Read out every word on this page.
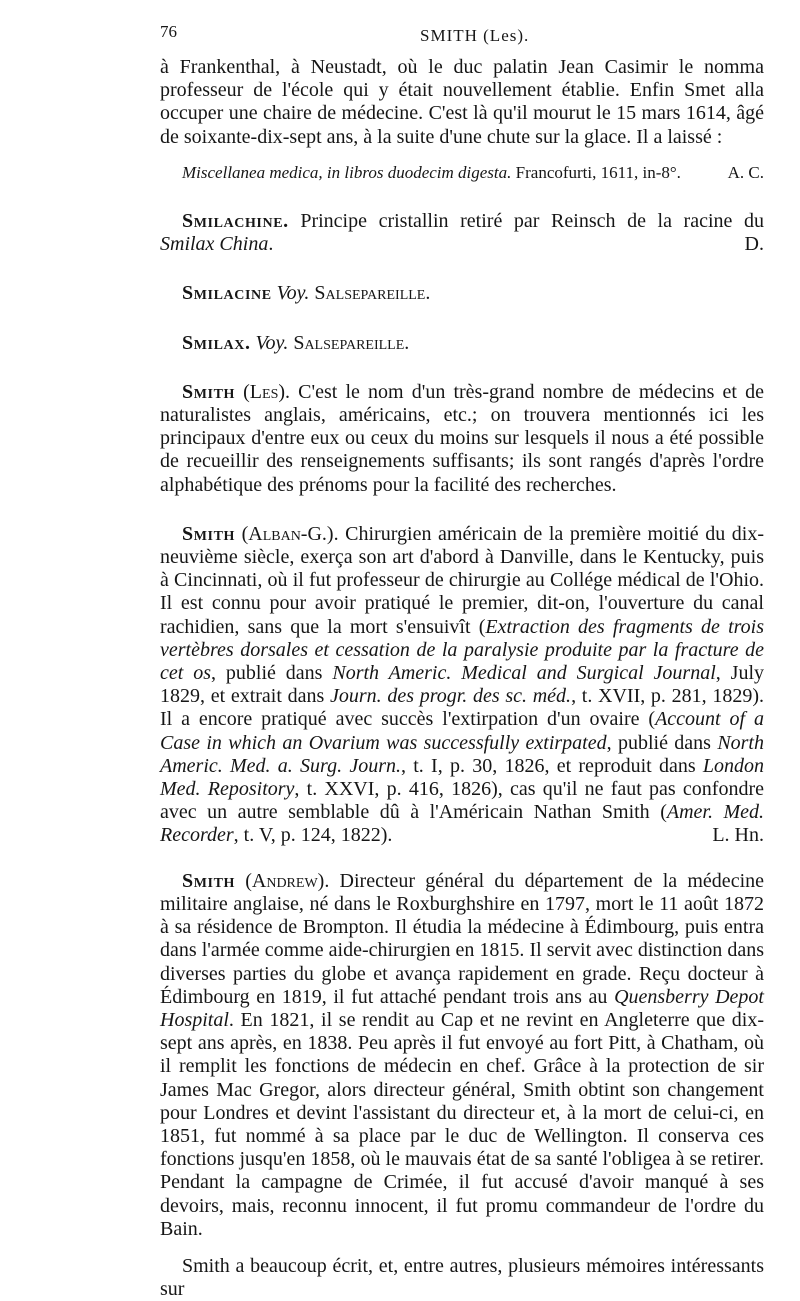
76	SMITH (Les).

à Frankenthal, à Neustadt, où le duc palatin Jean Casimir le nomma professeur de l'école qui y était nouvellement établie. Enfin Smet alla occuper une chaire de médecine. C'est là qu'il mourut le 15 mars 1614, âgé de soixante-dix-sept ans, à la suite d'une chute sur la glace. Il a laissé :

Miscellanea medica, in libros duodecim digesta. Francofurti, 1611, in-8°.	A. C.

Smilachine. Principe cristallin retiré par Reinsch de la racine du Smilax China.	D.

Smilacine Voy. Salsepareille.

Smilax. Voy. Salsepareille.

Smith (Les). C'est le nom d'un très-grand nombre de médecins et de naturalistes anglais, américains, etc.; on trouvera mentionnés ici les principaux d'entre eux ou ceux du moins sur lesquels il nous a été possible de recueillir des renseignements suffisants; ils sont rangés d'après l'ordre alphabétique des prénoms pour la facilité des recherches.

Smith (Alban-G.). Chirurgien américain de la première moitié du dix-neuvième siècle, exerça son art d'abord à Danville, dans le Kentucky, puis à Cincinnati, où il fut professeur de chirurgie au Collége médical de l'Ohio. Il est connu pour avoir pratiqué le premier, dit-on, l'ouverture du canal rachidien, sans que la mort s'ensuivît (Extraction des fragments de trois vertèbres dorsales et cessation de la paralysie produite par la fracture de cet os, publié dans North Americ. Medical and Surgical Journal, July 1829, et extrait dans Journ. des progr. des sc. méd., t. XVII, p. 281, 1829). Il a encore pratiqué avec succès l'extirpation d'un ovaire (Account of a Case in which an Ovarium was successfully extirpated, publié dans North Americ. Med. a. Surg. Journ., t. I, p. 30, 1826, et reproduit dans London Med. Repository, t. XXVI, p. 416, 1826), cas qu'il ne faut pas confondre avec un autre semblable dû à l'Américain Nathan Smith (Amer. Med. Recorder, t. V, p. 124, 1822).	L. Hn.

Smith (Andrew). Directeur général du département de la médecine militaire anglaise, né dans le Roxburghshire en 1797, mort le 11 août 1872 à sa résidence de Brompton. Il étudia la médecine à Édimbourg, puis entra dans l'armée comme aide-chirurgien en 1815. Il servit avec distinction dans diverses parties du globe et avança rapidement en grade. Reçu docteur à Édimbourg en 1819, il fut attaché pendant trois ans au Quensberry Depot Hospital. En 1821, il se rendit au Cap et ne revint en Angleterre que dix-sept ans après, en 1838. Peu après il fut envoyé au fort Pitt, à Chatham, où il remplit les fonctions de médecin en chef. Grâce à la protection de sir James Mac Gregor, alors directeur général, Smith obtint son changement pour Londres et devint l'assistant du directeur et, à la mort de celui-ci, en 1851, fut nommé à sa place par le duc de Wellington. Il conserva ces fonctions jusqu'en 1858, où le mauvais état de sa santé l'obligea à se retirer. Pendant la campagne de Crimée, il fut accusé d'avoir manqué à ses devoirs, mais, reconnu innocent, il fut promu commandeur de l'ordre du Bain.

Smith a beaucoup écrit, et, entre autres, plusieurs mémoires intéressants sur
